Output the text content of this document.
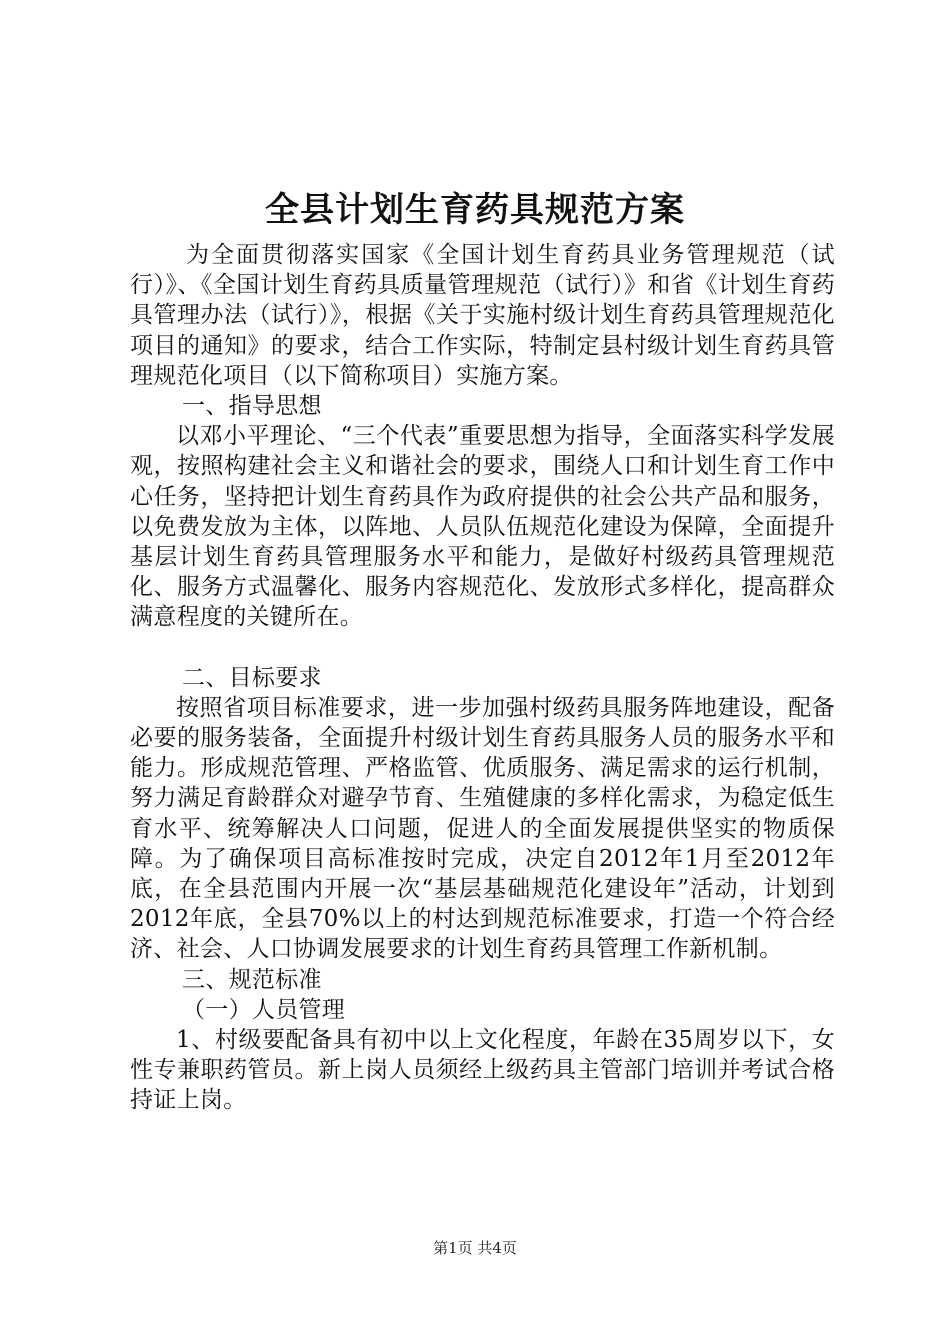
全县计划生育药具规范方案

为全面贯彻落实国家《全国计划生育药具业务管理规范（试行）》、《全国计划生育药具质量管理规范（试行）》和省《计划生育药具管理办法（试行）》，根据《关于实施村级计划生育药具管理规范化项目的通知》的要求，结合工作实际，特制定县村级计划生育药具管理规范化项目（以下简称项目）实施方案。

一、指导思想

以邓小平理论、“三个代表”重要思想为指导，全面落实科学发展观，按照构建社会主义和谐社会的要求，围绕人口和计划生育工作中心任务，坚持把计划生育药具作为政府提供的社会公共产品和服务，以免费发放为主体，以阵地、人员队伍规范化建设为保障，全面提升基层计划生育药具管理服务水平和能力，是做好村级药具管理规范化、服务方式温馨化、服务内容规范化、发放形式多样化，提高群众满意程度的关键所在。

二、目标要求

按照省项目标准要求，进一步加强村级药具服务阵地建设，配备必要的服务装备，全面提升村级计划生育药具服务人员的服务水平和能力。形成规范管理、严格监管、优质服务、满足需求的运行机制，努力满足育龄群众对避孕节育、生殖健康的多样化需求，为稳定低生育水平、统筹解决人口问题，促进人的全面发展提供坚实的物质保障。为了确保项目高标准按时完成，决定自2012年1月至2012年底，在全县范围内开展一次“基层基础规范化建设年”活动，计划到2012年底，全县70%以上的村达到规范标准要求，打造一个符合经济、社会、人口协调发展要求的计划生育药具管理工作新机制。

三、规范标准

（一）人员管理

1、村级要配备具有初中以上文化程度，年龄在35周岁以下，女性专兼职药管员。新上岗人员须经上级药具主管部门培训并考试合格持证上岗。

第1页 共4页
